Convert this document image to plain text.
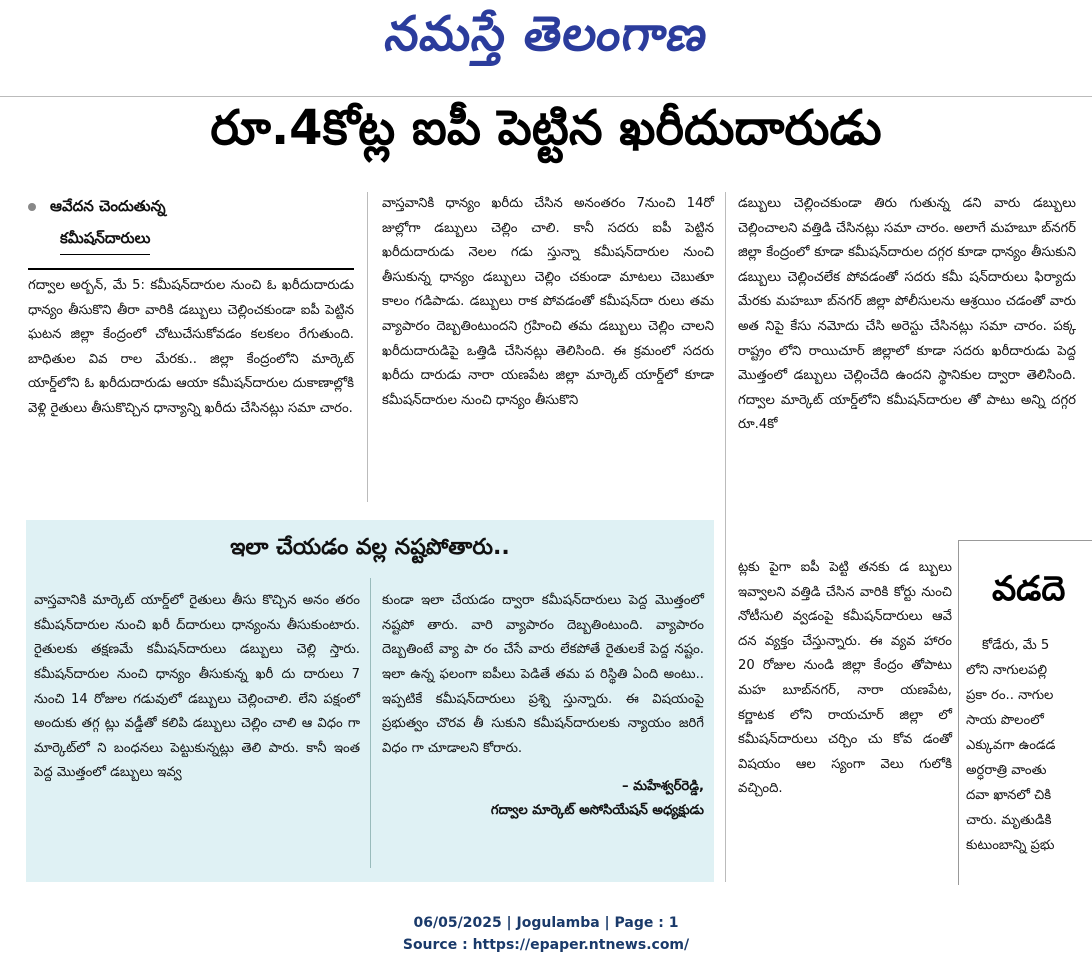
నమస్తే తెలంగాణ
రూ.4కోట్ల ఐపీ పెట్టిన ఖరీదుదారుడు
ఆవేదన చెందుతున్న
కమీషన్‌దారులు

గద్వాల అర్బన్, మే 5: కమీషన్‌దారుల నుంచి ఓ ఖరీదుదారుడు ధాన్యం తీసుకొని తీరా వారికి డబ్బులు చెల్లించకుండా ఐపీ పెట్టిన ఘటన జిల్లా కేంద్రంలో చోటుచేసుకోవడం కలకలం రేగుతుంది. బాధితుల వివ రాల మేరకు.. జిల్లా కేంద్రంలోని మార్కెట్ యార్డ్‌లోని ఓ ఖరీదుదారుడు ఆయా కమీషన్‌దారుల దుకాణాల్లోకి వెళ్లి రైతులు తీసుకొచ్చిన ధాన్యాన్ని ఖరీదు చేసినట్లు సమా చారం.

వాస్తవానికి ధాన్యం ఖరీదు చేసిన అనంతరం 7నుంచి 14రో జుల్లోగా డబ్బులు చెల్లిం చాలి. కానీ సదరు ఐపీ పెట్టిన ఖరీదుదారుడు నెలల గడు స్తున్నా కమీషన్‌దారుల నుంచి తీసుకున్న ధాన్యం డబ్బులు చెల్లిం చకుండా మాటలు చెబుతూ కాలం గడిపాడు. డబ్బులు రాక పోవడంతో కమీషన్‌దా రులు తమ వ్యాపారం దెబ్బతింటుందని గ్రహించి తమ డబ్బులు చెల్లిం చాలని ఖరీదుదారుడిపై ఒత్తిడి చేసినట్లు తెలిసింది. ఈ క్రమంలో సదరు ఖరీదు దారుడు నారా యణపేట జిల్లా మార్కెట్ యార్డ్‌లో కూడా కమీషన్‌దారుల నుంచి ధాన్యం తీసుకొని

డబ్బులు చెల్లించకుండా తిరు గుతున్న డని వారు డబ్బులు చెల్లించాలని వత్తిడి చేసినట్లు సమా చారం. అలాగే మహబూ బ్‌నగర్ జిల్లా కేంద్రంలో కూడా కమీషన్‌దారుల దగ్గర కూడా ధాన్యం తీసుకుని డబ్బులు చెల్లించలేక పోవడంతో సదరు కమీ షన్‌దారులు ఫిర్యాదు మేరకు మహబూ బ్‌నగర్ జిల్లా పోలీసులను ఆశ్రయిం చడంతో వారు అత నిపై కేసు నమోదు చేసి అరెస్టు చేసినట్లు సమా చారం. పక్క రాష్ట్రం లోని రాయిచూర్ జిల్లాలో కూడా సదరు ఖరీదారుడు పెద్ద మొత్తంలో డబ్బులు చెల్లించేది ఉందని స్థానికుల ద్వారా తెలిసింది. గద్వాల మార్కెట్ యార్డ్‌లోని కమీషన్‌దారుల తో పాటు అన్ని దగ్గర రూ.4కో

ట్లకు పైగా ఐపీ పెట్టి తనకు డ బ్బులు ఇవ్వాలని వత్తిడి చేసిన వారికి కోర్టు నుంచి నోటీసులి వ్వడంపై కమీషన్‌దారులు ఆవే దన వ్యక్తం చేస్తున్నారు. ఈ వ్యవ హారం 20 రోజుల నుండి జిల్లా కేంద్రం తోపాటు మహ బూబ్‌నగర్, నారా యణపేట, కర్ణాటక లోని రాయచూర్ జిల్లా లో కమీషన్‌దారులు చర్చిం చు కోవ డంతో విషయం ఆల స్యంగా వెలు గులోకి వచ్చింది.

వడదె
కోడేరు, మే 5
లోని నాగులపల్లి
ప్రకా రం.. నాగుల
సాయ పొలంలో
ఎక్కువగా ఉండడ
అర్ధరాత్రి వాంతు
దవా ఖానలో చికి
చారు. మృతుడికి
కుటుంబాన్ని ప్రభు
ఇలా చేయడం వల్ల నష్టపోతారు..

వాస్తవానికి మార్కెట్ యార్డ్‌లో రైతులు తీసు కొచ్చిన అనం తరం కమీషన్‌దారుల నుంచి ఖరీ ద్‌దారులు ధాన్యంను తీసుకుంటారు. రైతులకు తక్షణమే కమీషన్‌దారులు డబ్బులు చెల్లి స్తారు. కమీషన్‌దారుల నుంచి ధాన్యం తీసుకున్న ఖరీ దు దారులు 7 నుంచి 14 రోజుల గడువులో డబ్బులు చెల్లించాలి. లేని పక్షంలో అందుకు తగ్గ ట్లు వడ్డీతో కలిపి డబ్బులు చెల్లిం చాలి ఆ విధం గా మార్కెట్‌లో ని బంధనలు పెట్టుకున్నట్లు తెలి పారు. కానీ ఇంత పెద్ద మొత్తంలో డబ్బులు ఇవ్వ

కుండా ఇలా చేయడం ద్వారా కమీషన్‌దారులు పెద్ద మొత్తంలో నష్టపో తారు. వారి వ్యాపారం దెబ్బతింటుంది. వ్యాపారం దెబ్బతింటే వ్యా పా రం చేసే వారు లేకపోతే రైతులకే పెద్ద నష్టం. ఇలా ఉన్న ఫలంగా ఐపీలు పెడితే తమ ప రిస్థితి ఏంది అంటు.. ఇప్పటికే కమీషన్‌దారులు ప్రశ్ని స్తున్నారు. ఈ విషయంపై ప్రభుత్వం చొరవ తీ సుకుని కమీషన్‌దారులకు న్యాయం జరిగే విధం గా చూడాలని కోరారు.

– మహేశ్వర్‌రెడ్డి,
గద్వాల మార్కెట్ అసోసియేషన్ అధ్యక్షుడు
06/05/2025 | Jogulamba | Page : 1
Source : https://epaper.ntnews.com/
